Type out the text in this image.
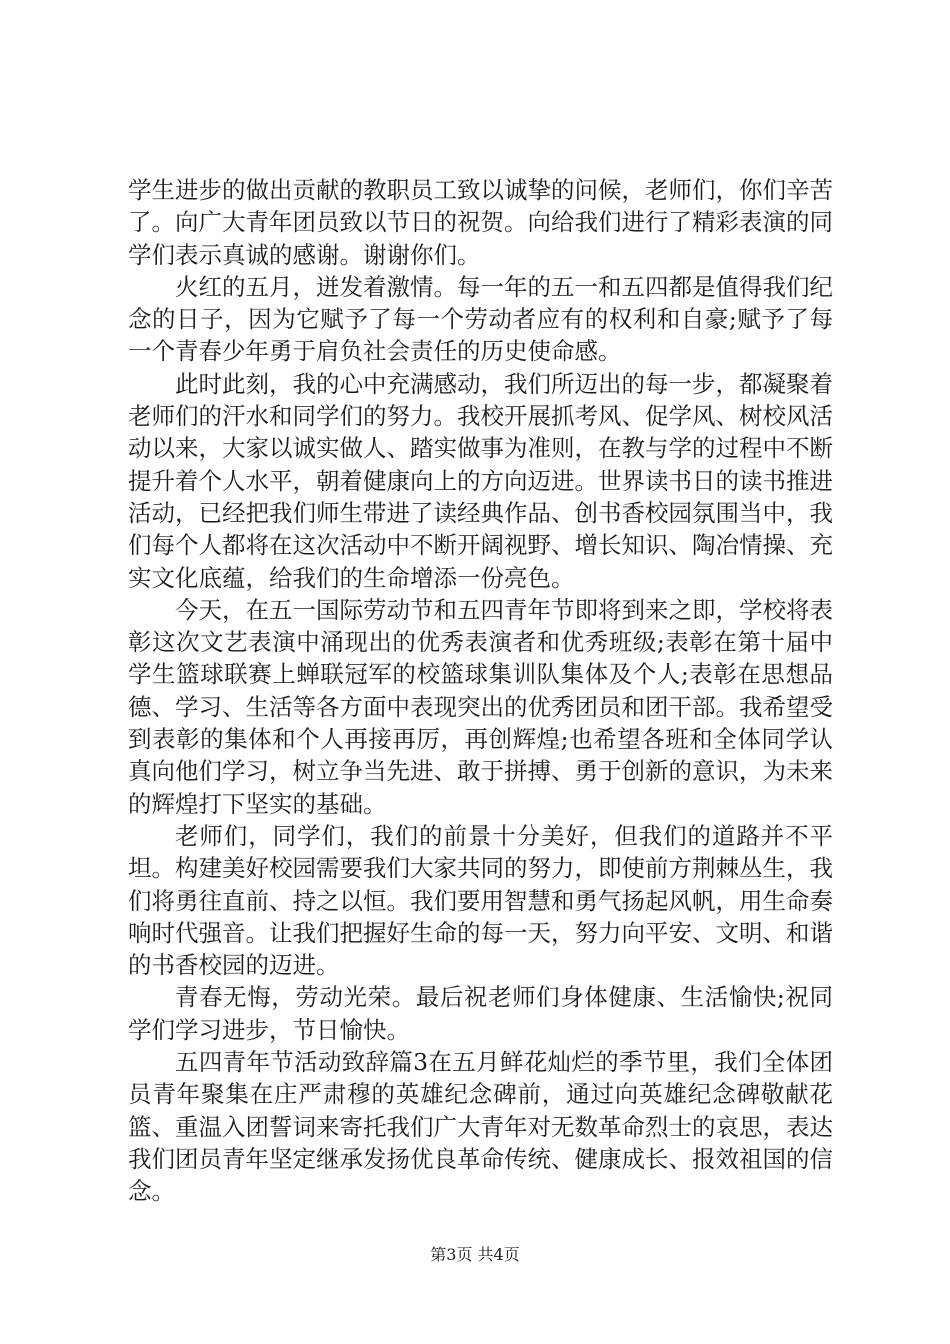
学生进步的做出贡献的教职员工致以诚挚的问候，老师们，你们辛苦了。向广大青年团员致以节日的祝贺。向给我们进行了精彩表演的同学们表示真诚的感谢。谢谢你们。

火红的五月，迸发着激情。每一年的五一和五四都是值得我们纪念的日子，因为它赋予了每一个劳动者应有的权利和自豪;赋予了每一个青春少年勇于肩负社会责任的历史使命感。

此时此刻，我的心中充满感动，我们所迈出的每一步，都凝聚着老师们的汗水和同学们的努力。我校开展抓考风、促学风、树校风活动以来，大家以诚实做人、踏实做事为准则，在教与学的过程中不断提升着个人水平，朝着健康向上的方向迈进。世界读书日的读书推进活动，已经把我们师生带进了读经典作品、创书香校园氛围当中，我们每个人都将在这次活动中不断开阔视野、增长知识、陶冶情操、充实文化底蕴，给我们的生命增添一份亮色。

今天，在五一国际劳动节和五四青年节即将到来之即，学校将表彰这次文艺表演中涌现出的优秀表演者和优秀班级;表彰在第十届中学生篮球联赛上蝉联冠军的校篮球集训队集体及个人;表彰在思想品德、学习、生活等各方面中表现突出的优秀团员和团干部。我希望受到表彰的集体和个人再接再厉，再创辉煌;也希望各班和全体同学认真向他们学习，树立争当先进、敢于拼搏、勇于创新的意识，为未来的辉煌打下坚实的基础。

老师们，同学们，我们的前景十分美好，但我们的道路并不平坦。构建美好校园需要我们大家共同的努力，即使前方荆棘丛生，我们将勇往直前、持之以恒。我们要用智慧和勇气扬起风帆，用生命奏响时代强音。让我们把握好生命的每一天，努力向平安、文明、和谐的书香校园的迈进。

青春无悔，劳动光荣。最后祝老师们身体健康、生活愉快;祝同学们学习进步，节日愉快。

五四青年节活动致辞篇3在五月鲜花灿烂的季节里，我们全体团员青年聚集在庄严肃穆的英雄纪念碑前，通过向英雄纪念碑敬献花篮、重温入团誓词来寄托我们广大青年对无数革命烈士的哀思，表达我们团员青年坚定继承发扬优良革命传统、健康成长、报效祖国的信念。

第3页 共4页
